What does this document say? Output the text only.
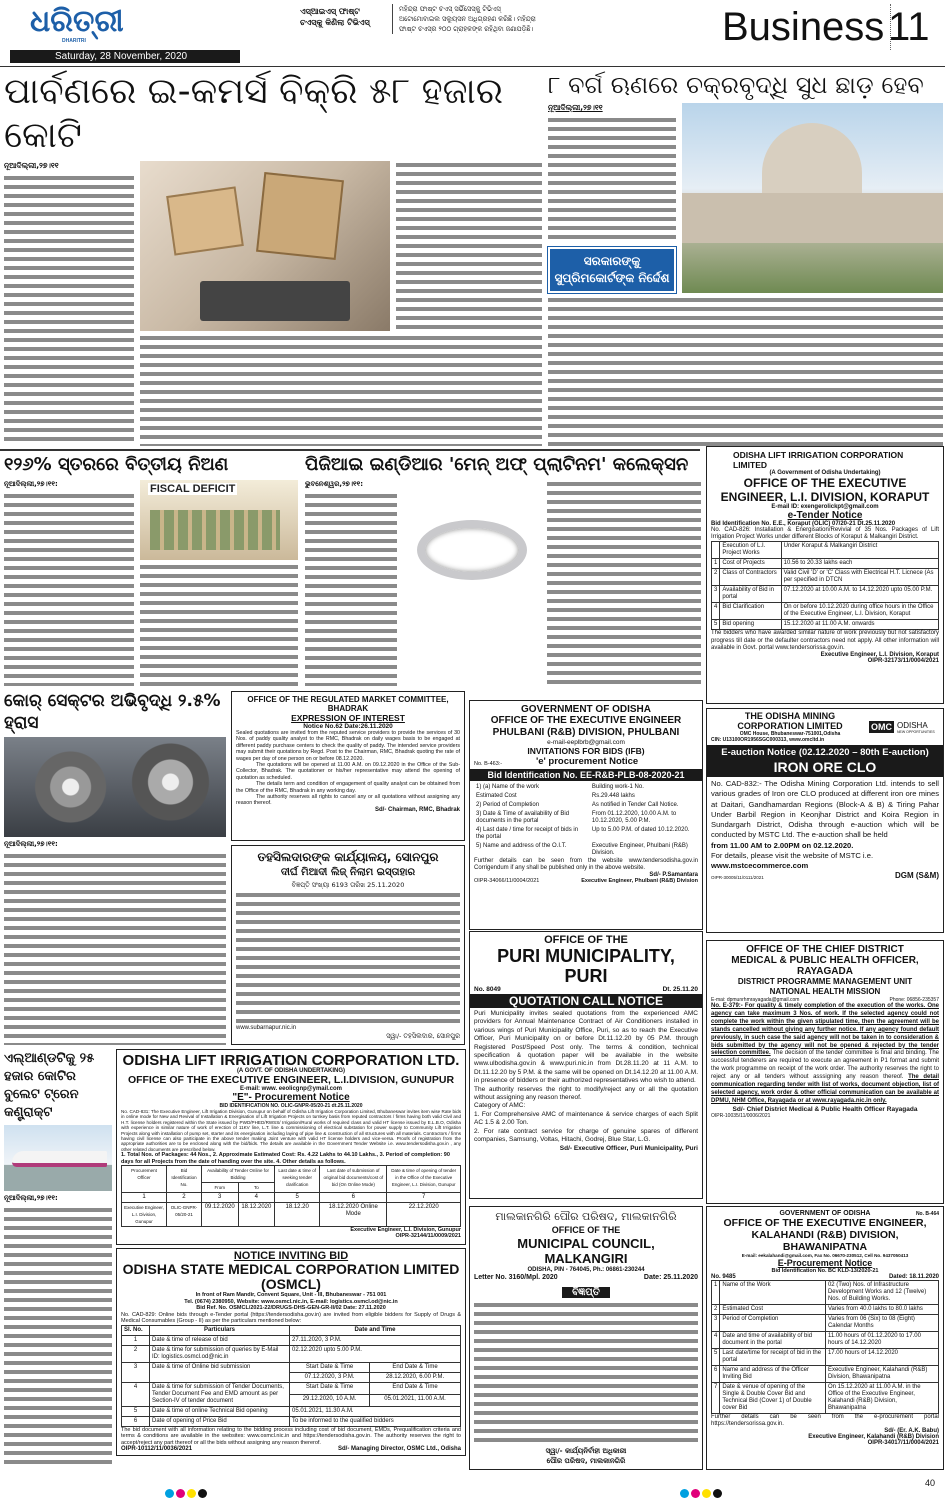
ଧରିତ୍ରୀ
DHARITRI
Saturday, 28 November, 2020
ଏସ୍‌ଆଇଏସ୍ ଫାଷ୍ଟ ଚଏସ୍‌କୁ କିଣିଲା ଟିଭିଏସ୍
ମହିନ୍ଦ୍ରା ଫାଷ୍ଟ ଚଏସ୍ ସର୍ଭିସେସ୍‌କୁ ଟିଭିଏସ୍ ଅଟୋମୋବାଇଲ ସଲ୍ୟୁସନ ଅଧିଗ୍ରହଣ କରିଛି। ମହିନ୍ଦ୍ରା ଫାଷ୍ଟ ଚଏସ୍‌ର ୨୦୦ ଗ୍ରାହକଙ୍କ ରହିଥିବା ଜଣାପଡ଼ିଛି।	Business 11
ପାର୍ବଣରେ ଇ-କମର୍ସ ବିକ୍ରି ୫୮ ହଜାର କୋଟି
ନୂଆଦିଲ୍ଲୀ,୨୭।୧୧
୮ ବର୍ଗ ଋଣରେ ଚକ୍ରବୃଦ୍ଧି ସୁଧ ଛାଡ଼ ହେବ
ନୂଆଦିଲ୍ଲୀ,୨୭।୧୧
ସରକାରଙ୍କୁ ସୁପ୍ରିମକୋର୍ଟଙ୍କ ନିର୍ଦ୍ଦେଶ
୧୨୬% ସ୍ତରରେ ବିତ୍ତୀୟ ନିଅଣ
ନୂଆଦିଲ୍ଲୀ,୨୭।୧୧:	FISCAL DEFICIT
ପିଜିଆଇ ଇଣ୍ଡିଆର 'ମେନ୍ ଅଫ୍ ପ୍ଲାଟିନମ' କଲେକ୍ସନ
ଭୁବନେଶ୍ୱର,୨୭।୧୧:
ODISHA LIFT IRRIGATION CORPORATION LIMITED
(A Government of Odisha Undertaking)
OFFICE OF THE EXECUTIVE ENGINEER, L.I. DIVISION, KORAPUT
E-mail ID: exengerolickpt@gmail.com
e-Tender Notice
Bid Identification No. E.E., Koraput (OLIC) 07/20-21 Dt.25.11.2020
No. CAD-826: Installation & Energisation/Revivial of 35 Nos. Packages of Lift Irrigation Project Works under different Blocks of Koraput & Malkangiri District.
	Execution of L.I. Project Works	Under Koraput & Malkangiri District
1	Cost of Projects	10.56 to 20.33 lakhs each
2	Class of Contractors	Valid Civil 'D' or 'C' Class with Electrical H.T. Licnece (As per specified in DTCN
3	Availability of Bid in portal	07.12.2020 at 10.00 A.M. to 14.12.2020 upto 05.00 P.M.
4	Bid Clarification	On or before 10.12.2020 during office hours in the Office of the Executive Engineer, L.I. Division, Koraput
5	Bid opening	15.12.2020 at 11.00 A.M. onwards
The bidders who have awarded similar nature of work previously but not satisfactory progress till date or the defaulter contractors need not apply. All other information will available in Govt. portal www.tendersorissa.gov.in.
Executive Engineer, L.I. Division, Koraput
OIPR-32173/11/0004/2021
କୋର୍ ସେକ୍ଟର ଅଭିବୃଦ୍ଧି ୨.୫% ହ୍ରାସ
ନୂଆଦିଲ୍ଲୀ,୨୭।୧୧:
OFFICE OF THE REGULATED MARKET COMMITTEE, BHADRAK
EXPRESSION OF INTEREST
Notice No.62 Date:26.11.2020
Sealed quotations are invited from the reputed service providers to provide the services of 30 Nos. of paddy quality analyst to the RMC, Bhadrak on daily wages basis to be engaged at different paddy purchase centers to check the quality of paddy. The intended service providers may submit their quotations by Regd. Post to the Chairman, RMC, Bhadrak quoting the rate of wages per day of one person on or before 08.12.2020.
The quotations will be opened at 11.00 A.M. on 09.12.2020 in the Office of the Sub-Collector, Bhadrak. The quotationer or his/her representative may attend the opening of quotation as scheduled.
The details term and condition of engagement of quality analyst can be obtained from the Office of the RMC, Bhadrak in any working day.
The authority reserves all rights to cancel any or all quotations without assigning any reason thereof.
Sd/- Chairman, RMC, Bhadrak
ତହସିଲଦାରଙ୍କ କାର୍ଯ୍ୟାଳୟ, ସୋନପୁର
ଦୀର୍ଘ ମିଆଦୀ ଲିଜ୍ ନିଲାମ ଇସ୍ତାହାର
ବିଜ୍ଞପ୍ତି ସଂଖ୍ୟା 6193 ତାରିଖ 25.11.2020
www.subarnapur.nic.in
ସ୍ୱା/- ତହସିଲଦାର, ସୋନପୁର
GOVERNMENT OF ODISHA
OFFICE OF THE EXECUTIVE ENGINEER PHULBANI (R&B) DIVISION, PHULBANI
e-mail-eeplbrb@gmail.com
INVITATIONS FOR BIDS (IFB)
No. B-463:-	'e' procurement Notice
Bid Identification No. EE-R&B-PLB-08-2020-21
1) (a) Name of the work	Building work-1 No.
Estimated Cost	Rs.29.448 lakhs
2) Period of Completion	As notified in Tender Call Notice.
3) Date & Time of availability of Bid documents in the portal	From 01.12.2020, 10.00 A.M. to 10.12.2020, 5.00 P.M.
4) Last date / time for receipt of bids in the portal	Up to 5.00 P.M. of dated 10.12.2020.
5) Name and address of the O.I.T.	Executive Engineer, Phulbani (R&B) Division.
Further details can be seen from the website www.tendersodisha.gov.in Corrigendum if any shall be published only in the above website.
Sd/- P.Samantara
OIPR-34066/11/0004/2021	Executive Engineer, Phulbani (R&B) Division
THE ODISHA MINING CORPORATION LIMITED
OMC House, Bhubaneswar-751001,Odisha
CIN: U13100OR1956SGC000313, www.omcltd.in
OMC ODISHA
NEW OPPORTUNITIES
E-auction Notice (02.12.2020 – 80th E-auction)
IRON ORE CLO
No. CAD-832:- The Odisha Mining Corporation Ltd. intends to sell various grades of Iron ore CLO produced at different iron ore mines at Daitari, Gandhamardan Regions (Block-A & B) & Tiring Pahar Under Barbil Region in Keonjhar District and Koira Region in Sundargarh District, Odisha through e-auction which will be conducted by MSTC Ltd. The e-auction shall be held
from 11.00 AM to 2.00PM on 02.12.2020.
For details, please visit the website of MSTC i.e.
www.mstcecommerce.com
OIPR-30005/11/0111/2021	DGM (S&M)
ଏଲ୍‌ଆଣ୍ଡଟିକୁ ୨୫ ହଜାର କୋଟିର ବୁଲେଟ ଟ୍ରେନ କଣ୍ଟ୍ରାକ୍ଟ
ନୂଆଦିଲ୍ଲୀ,୨୭।୧୧:
ODISHA LIFT IRRIGATION CORPORATION LTD.
(A GOVT. OF ODISHA UNDERTAKING)
OFFICE OF THE EXECUTIVE ENGINEER, L.I.DIVISION, GUNUPUR
E-mail: www. eeolicgnp@ymail.com
"E"- Procurement Notice
BID IDENTIFICATION NO. OLIC-GNPR-05/20-21 dt.25.11.2020
No. CAD-831: The Executive Engineer, Lift Irrigation Division, Gunupur on behalf of Odisha Lift Irrigation Corporation Limited, Bhubaneswar invites item wise Rate bids in online mode for New and Revival of Installation & Energisation of Lift Irrigation Projects on turnkey basis from reputed contractors / firms having both valid Civil and H.T. license holders registered within the State issued by PWD/PHED/RWSS/ Irrigation/Rural works of required class and valid HT license issued by E.L.B.O, Odisha with experience in similar nature of work of erection of 11KV line, L.T. line & commissioning of electrical substation for power supply to Community Lift Irrigation Projects along with installation of pump set, starter and its energisation including laying of pipe line & construction of all structures with all materials. Contractors / firms having civil license can also participate in the above tender making Joint venture with valid HT license holders and vice-versa. Proofs of registration from the appropriate authorities are to be enclosed along with the bid/bids. The details are available in the Government Tender Website i.e. www.tendersodisha.gov.in , any other related documents are prescribed below.
1. Total Nos. of Packages: 44 Nos., 2. Approximate Estimated Cost: Rs. 4.22 Lakhs to 44.10 Lakhs., 3. Period of completion: 90 days for all Projects from the date of handing over the site. 4. Other details as follows.
Procurement Officer	Bid Identification No.	Availability of Tender Online for Bidding		Last date & time of seeking tender clarification	Last date of submission of original bid documents/cost of bid (On Online Mode)	Date & time of opening of tender in the Office of the Executive Engineer, L.I. Division, Gunupur
		From	To			
1	2	3	4	5	6	7
Executive Engineer, L.I. Division, Gunupur	OLIC-GNPR-05/20-21	09.12.2020	18.12.2020	18.12.20	18.12.2020 Online Mode	22.12.2020
Executive Engineer, L.I. Division, Gunupur
OIPR-32144/11/0009/2021
NOTICE INVITING BID
ODISHA STATE MEDICAL CORPORATION LIMITED (OSMCL)
In front of Ram Mandir, Convent Square, Unit - III, Bhubaneswar - 751 001
Tel. (0674) 2380950, Website: www.osmcl.nic.in, E-mail: logistics.osmcl.od@nic.in
Bid Ref. No. OSMCL/2021-22/DRUGS-DHS-GEN-GR-II/02 Date: 27.11.2020
No. CAD-829: Online bids through e-Tender portal (https://tendersodisha.gov.in) are invited from eligible bidders for Supply of Drugs & Medical Consumables (Group - II) as per the particulars mentioned below:
Sl. No.	Particulars	Date and Time	
1	Date & time of release of bid	27.11.2020, 3 P.M.	
2	Date & time for submission of queries by E-Mail ID: logistics.osmcl.od@nic.in	02.12.2020 upto 5.00 P.M.	
3	Date & time of Online bid submission	Start Date & Time	End Date & Time
		07.12.2020, 3 P.M.	28.12.2020, 6.00 P.M.
4	Date & time for submission of Tender Documents, Tender Document Fee and EMD amount as per Section-IV of tender document	Start Date & Time	End Date & Time
		29.12.2020, 10 A.M.	05.01.2021, 11.00 A.M.
5	Date & time of online Technical Bid opening	05.01.2021, 11.30 A.M.	
6	Date of opening of Price Bid	To be informed to the qualified bidders	
The bid document with all information relating to the bidding process including cost of bid document, EMDs, Prequalification criteria and terms & conditions are available in the websites: www.osmcl.nic.in and https://tendersodisha.gov.in. The authority reserves the right to accept/reject any part thereof or all the bids without assigning any reason thererof.
OIPR-10112/11/0036/2021	Sd/- Managing Director, OSMC Ltd., Odisha
OFFICE OF THE
PURI MUNICIPALITY, PURI
No. 8049	Dt. 25.11.20
QUOTATION CALL NOTICE
Puri Municipality invites sealed quotations from the experienced AMC providers for Annual Maintenance Contract of Air Conditioners installed in various wings of Puri Municipality Office, Puri, so as to reach the Executive Officer, Puri Municipality on or before Dt.11.12.20 by 05 P.M. through Registered Post/Speed Post only. The terms & condition, technical specification & quotation paper will be available in the website www.ulbodisha.gov.in & www.puri.nic.in from Dt.28.11.20 at 11 A.M. to Dt.11.12.20 by 5 P.M. & the same will be opened on Dt.14.12.20 at 11.00 A.M. in presence of bidders or their authorized representatives who wish to attend.
The authority reserves the right to modify/reject any or all the quotation without assigning any reason thereof.
Category of AMC:
1. For Comprehensive AMC of maintenance & service charges of each Split AC 1.5 & 2.00 Ton.
2. For rate contract service for charge of genuine spares of different companies, Samsung, Voltas, Hitachi, Godrej, Blue Star, L.G.
Sd/- Executive Officer, Puri Municipality, Puri
OFFICE OF THE CHIEF DISTRICT MEDICAL & PUBLIC HEALTH OFFICER, RAYAGADA
DISTRICT PROGRAMME MANAGEMENT UNIT
NATIONAL HEALTH MISSION
E-mai: dpmunrhmrayagada@gmail.com	Phone: 06856-235357
No. E-379:- For quality & timely completion of the execution of the works. One agency can take maximum 3 Nos. of work. If the selected agency could not complete the work within the given stipulated time, then the agreement will be stands cancelled without giving any further notice. If any agency found default previously, in such case the said agency will not be taken in to consideration & bids submitted by the agency will not be opened & rejected by the tender selection committee. The decision of the tender committee is final and binding. The successful tenderers are required to execute an agreement in P1 format and submit the work programme on receipt of the work order. The authority reserves the right to reject any or all tenders without asssigning any reason thereof. The detail communication regarding tender with list of works, document objection, list of selected agency, work order & other official communication can be available at DPMU, NHM Office, Rayagada or at www.rayagada.nic.in only.
Sd/- Chief District Medical & Public Health Officer Rayagada
OIPR-10035/11/0006/2021
ମାଲକାନଗିରି ପୌର ପରିଷଦ, ମାଲକାନଗିରି
OFFICE OF THE
MUNICIPAL COUNCIL, MALKANGIRI
ODISHA, PIN - 764045, Ph.: 06861-230244
Letter No. 3160/Mpl. 2020	Date: 25.11.2020
ବିଜ୍ଞପ୍ତି
ସ୍ୱା/- କାର୍ଯ୍ୟନିର୍ବାହୀ ଅଧିକାରୀ
ପୌର ପରିଷଦ, ମାଲକାନଗିରି
GOVERNMENT OF ODISHA	No. B-464
OFFICE OF THE EXECUTIVE ENGINEER, KALAHANDI (R&B) DIVISION, BHAWANIPATNA
E-mail: eekalahandi@gmail.com, Fax No. 06670-230512, Cell No. 9437050413
E-Procurement Notice
Bid Identification No. BC KLD-13/2020-21
No. 9485	Dated: 18.11.2020
1	Name of the Work	02 (Two) Nos. of Infrastructure Development Works and 12 (Twelve) Nos. of Building Works.
2	Estimated Cost	Varies from 40.0 lakhs to 80.0 lakhs
3	Period of Completion	Varies from 06 (Six) to 08 (Eight) Calendar Months
4	Date and time of availability of bid document in the portal	11.00 hours of 01.12.2020 to 17.00 hours of 14.12.2020
5	Last date/time for receipt of bid in the portal	17.00 hours of 14.12.2020
6	Name and address of the Officer Inviting Bid	Executive Engineer, Kalahandi (R&B) Division, Bhawanipatna
7	Date & venue of opening of the Single & Double Cover Bid and Technical Bid (Cover 1) of Double cover Bid	On 15.12.2020 at 11.00 A.M. in the Office of the Executive Engineer, Kalahandi (R&B) Division, Bhawanipatna
Further details can be seen from the e-procurement portal https://tendersorissa.gov.in.
Sd/- (Er. A.K. Babu)
Executive Engineer, Kalahandi (R&B) Division
OIPR-34017/11/0004/2021
40
